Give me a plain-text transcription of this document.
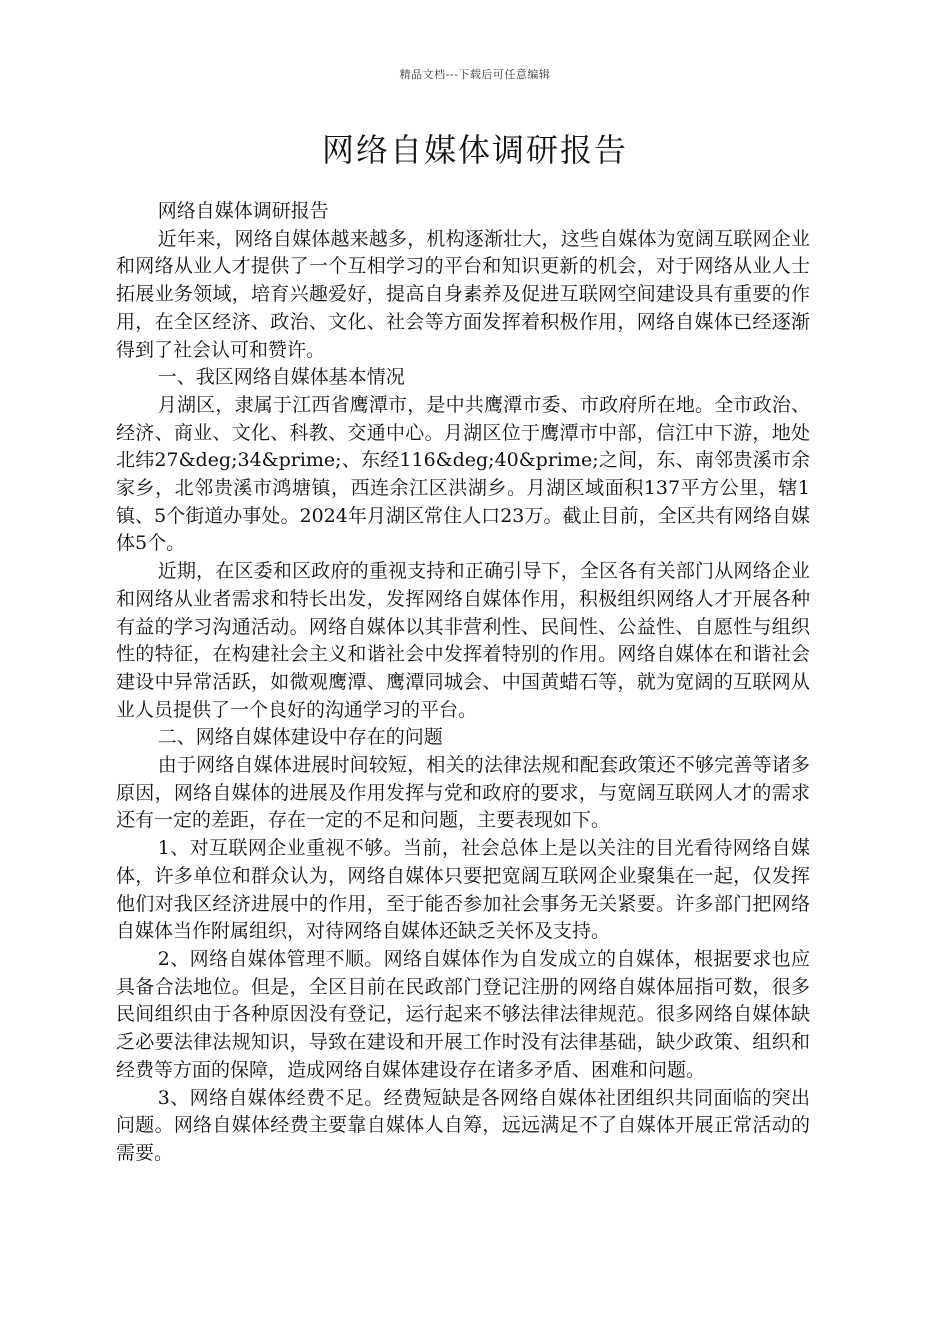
精品文档---下载后可任意编辑
网络自媒体调研报告

网络自媒体调研报告

近年来，网络自媒体越来越多，机构逐渐壮大，这些自媒体为宽阔互联网企业和网络从业人才提供了一个互相学习的平台和知识更新的机会，对于网络从业人士拓展业务领域，培育兴趣爱好，提高自身素养及促进互联网空间建设具有重要的作用，在全区经济、政治、文化、社会等方面发挥着积极作用，网络自媒体已经逐渐得到了社会认可和赞许。

一、我区网络自媒体基本情况

月湖区，隶属于江西省鹰潭市，是中共鹰潭市委、市政府所在地。全市政治、经济、商业、文化、科教、交通中心。月湖区位于鹰潭市中部，信江中下游，地处北纬27&deg;34&prime;、东经116&deg;40&prime;之间，东、南邻贵溪市余家乡，北邻贵溪市鸿塘镇，西连余江区洪湖乡。月湖区域面积137平方公里，辖1镇、5个街道办事处。2024年月湖区常住人口23万。截止目前，全区共有网络自媒体5个。

近期，在区委和区政府的重视支持和正确引导下，全区各有关部门从网络企业和网络从业者需求和特长出发，发挥网络自媒体作用，积极组织网络人才开展各种有益的学习沟通活动。网络自媒体以其非营利性、民间性、公益性、自愿性与组织性的特征，在构建社会主义和谐社会中发挥着特别的作用。网络自媒体在和谐社会建设中异常活跃，如微观鹰潭、鹰潭同城会、中国黄蜡石等，就为宽阔的互联网从业人员提供了一个良好的沟通学习的平台。

二、网络自媒体建设中存在的问题

由于网络自媒体进展时间较短，相关的法律法规和配套政策还不够完善等诸多原因，网络自媒体的进展及作用发挥与党和政府的要求，与宽阔互联网人才的需求还有一定的差距，存在一定的不足和问题，主要表现如下。

1、对互联网企业重视不够。当前，社会总体上是以关注的目光看待网络自媒体，许多单位和群众认为，网络自媒体只要把宽阔互联网企业聚集在一起，仅发挥他们对我区经济进展中的作用，至于能否参加社会事务无关紧要。许多部门把网络自媒体当作附属组织，对待网络自媒体还缺乏关怀及支持。

2、网络自媒体管理不顺。网络自媒体作为自发成立的自媒体，根据要求也应具备合法地位。但是，全区目前在民政部门登记注册的网络自媒体屈指可数，很多民间组织由于各种原因没有登记，运行起来不够法律法律规范。很多网络自媒体缺乏必要法律法规知识，导致在建设和开展工作时没有法律基础，缺少政策、组织和经费等方面的保障，造成网络自媒体建设存在诸多矛盾、困难和问题。

3、网络自媒体经费不足。经费短缺是各网络自媒体社团组织共同面临的突出问题。网络自媒体经费主要靠自媒体人自筹，远远满足不了自媒体开展正常活动的需要。
